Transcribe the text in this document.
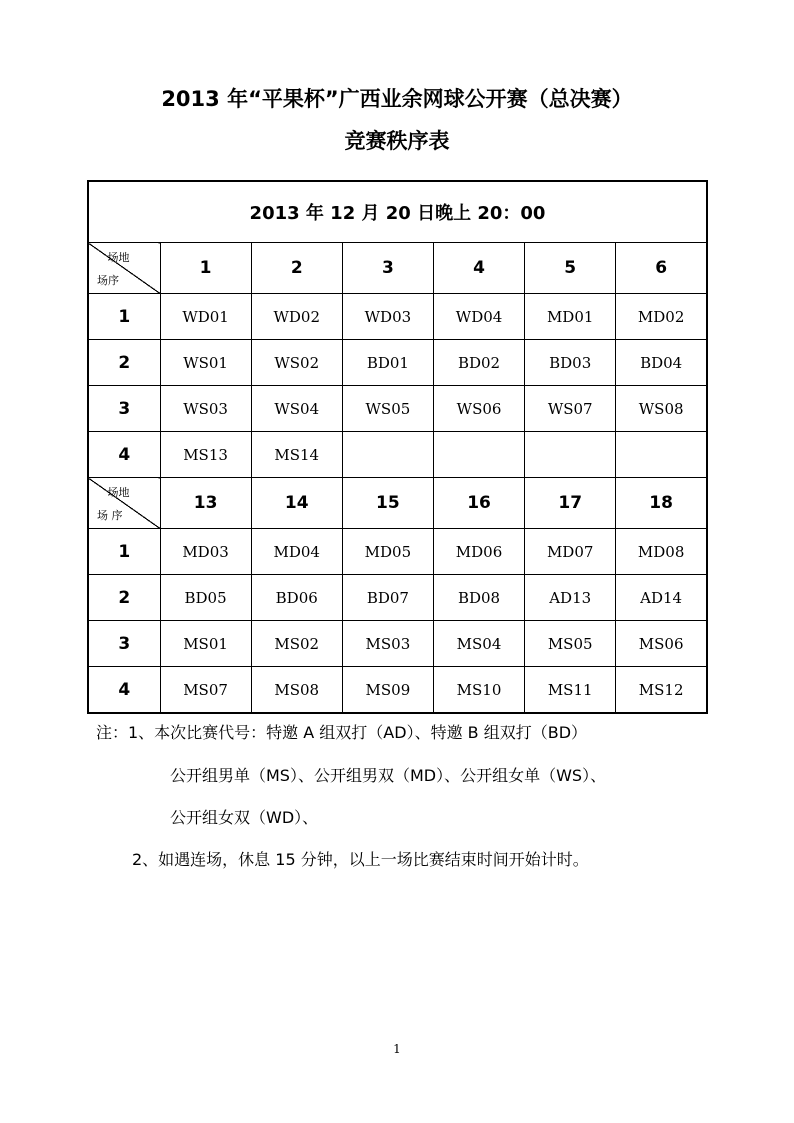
2013 年“平果杯”广西业余网球公开赛（总决赛）
竞赛秩序表
2013 年 12 月 20 日晚上 20：00						

场地
场序	1	2	3	4	5	6
1	WD01	WD02	WD03	WD04	MD01	MD02
2	WS01	WS02	BD01	BD02	BD03	BD04
3	WS03	WS04	WS05	WS06	WS07	WS08
4	MS13	MS14				

场地
场 序	13	14	15	16	17	18
1	MD03	MD04	MD05	MD06	MD07	MD08
2	BD05	BD06	BD07	BD08	AD13	AD14
3	MS01	MS02	MS03	MS04	MS05	MS06
4	MS07	MS08	MS09	MS10	MS11	MS12
注：1、本次比赛代号：特邀 A 组双打（AD）、特邀 B 组双打（BD）
公开组男单（MS）、公开组男双（MD）、公开组女单（WS）、
公开组女双（WD）、
2、如遇连场，休息 15 分钟，以上一场比赛结束时间开始计时。
1
